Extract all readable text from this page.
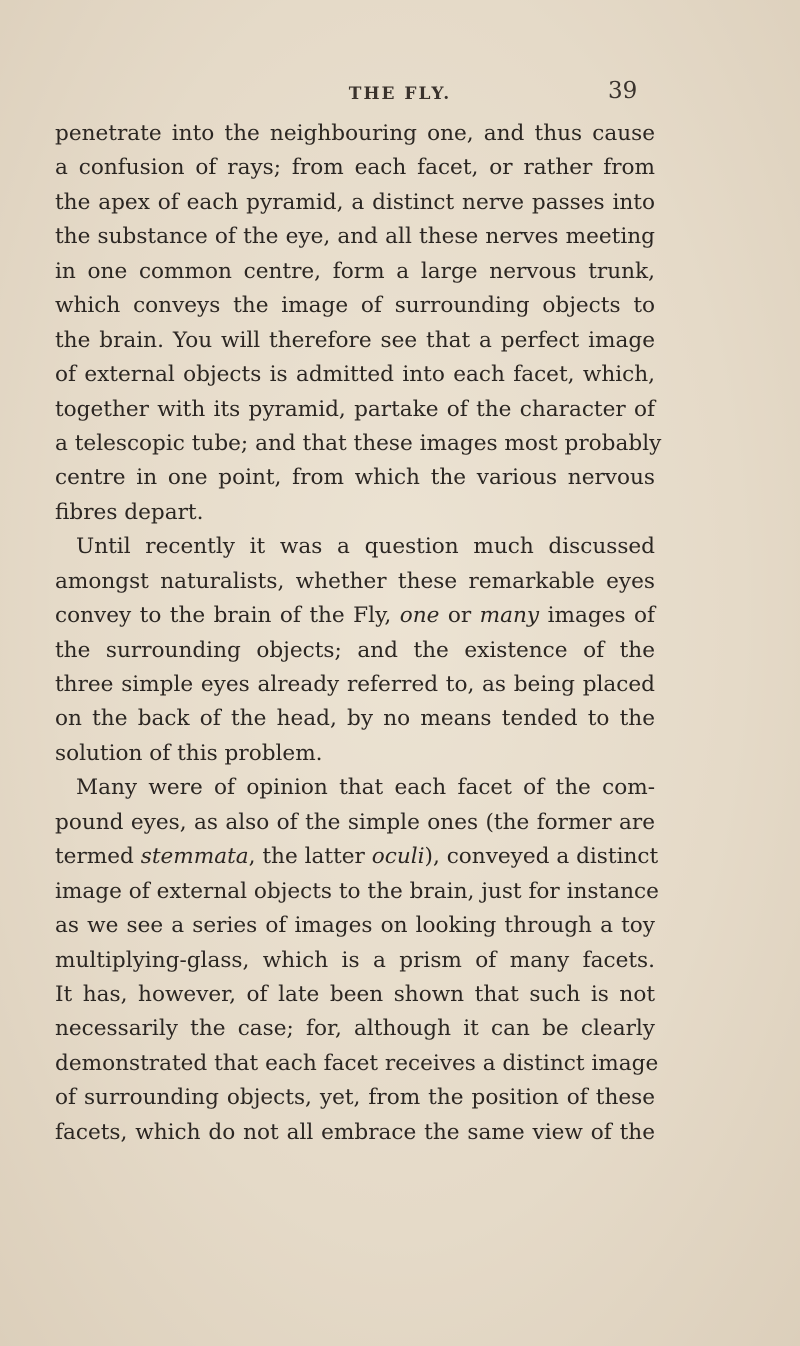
THE FLY.	39
penetrate into the neighbouring one, and thus cause
a confusion of rays; from each facet, or rather from
the apex of each pyramid, a distinct nerve passes into
the substance of the eye, and all these nerves meeting
in one common centre, form a large nervous trunk,
which conveys the image of surrounding objects to
the brain. You will therefore see that a perfect image
of external objects is admitted into each facet, which,
together with its pyramid, partake of the character of
a telescopic tube; and that these images most probably
centre in one point, from which the various nervous
fibres depart.
Until recently it was a question much discussed
amongst naturalists, whether these remarkable eyes
convey to the brain of the Fly, one or many images of
the surrounding objects; and the existence of the
three simple eyes already referred to, as being placed
on the back of the head, by no means tended to the
solution of this problem.
Many were of opinion that each facet of the com-
pound eyes, as also of the simple ones (the former are
termed stemmata, the latter oculi), conveyed a distinct
image of external objects to the brain, just for instance
as we see a series of images on looking through a toy
multiplying-glass, which is a prism of many facets.
It has, however, of late been shown that such is not
necessarily the case; for, although it can be clearly
demonstrated that each facet receives a distinct image
of surrounding objects, yet, from the position of these
facets, which do not all embrace the same view of the
